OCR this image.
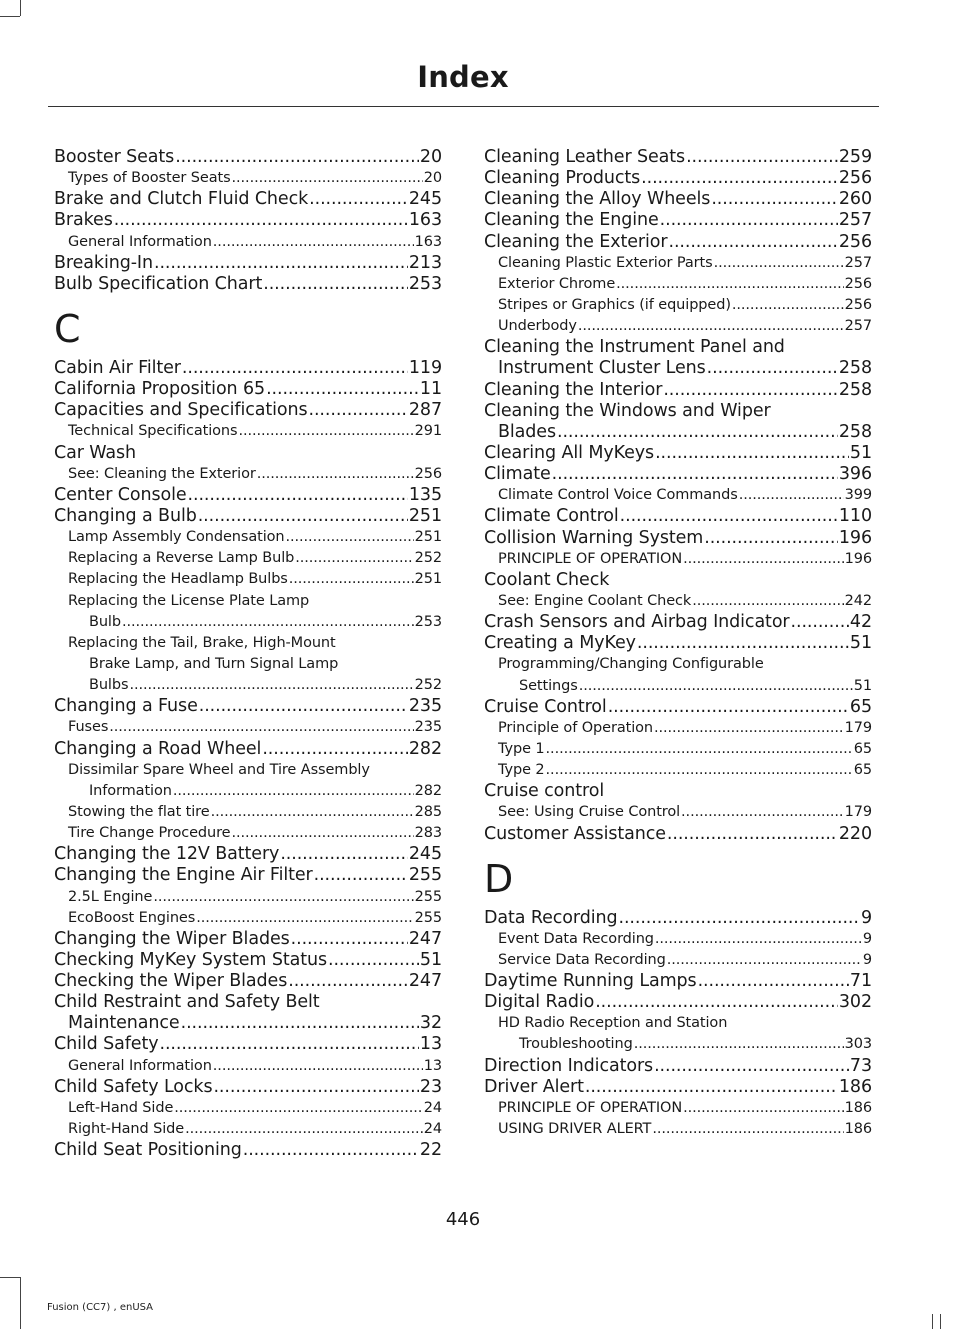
Index
Booster Seats .....	20
Types of Booster Seats .....	20
Brake and Clutch Fluid Check .....	245
Brakes .....	163
General Information .....	163
Breaking-In .....	213
Bulb Specification Chart .....	253
C
Cabin Air Filter .....	119
California Proposition 65 .....	11
Capacities and Specifications .....	287
Technical Specifications .....	291
Car Wash
See: Cleaning the Exterior .....	256
Center Console .....	135
Changing a Bulb .....	251
Lamp Assembly Condensation .....	251
Replacing a Reverse Lamp Bulb .....	252
Replacing the Headlamp Bulbs .....	251
Replacing the License Plate Lamp
Bulb .....	253
Replacing the Tail, Brake, High-Mount
Brake Lamp, and Turn Signal Lamp
Bulbs .....	252
Changing a Fuse .....	235
Fuses .....	235
Changing a Road Wheel .....	282
Dissimilar Spare Wheel and Tire Assembly
Information .....	282
Stowing the flat tire .....	285
Tire Change Procedure .....	283
Changing the 12V Battery .....	245
Changing the Engine Air Filter .....	255
2.5L Engine .....	255
EcoBoost Engines .....	255
Changing the Wiper Blades .....	247
Checking MyKey System Status .....	51
Checking the Wiper Blades .....	247
Child Restraint and Safety Belt
Maintenance .....	32
Child Safety .....	13
General Information .....	13
Child Safety Locks .....	23
Left-Hand Side .....	24
Right-Hand Side .....	24
Child Seat Positioning .....	22
Cleaning Leather Seats .....	259
Cleaning Products .....	256
Cleaning the Alloy Wheels .....	260
Cleaning the Engine .....	257
Cleaning the Exterior .....	256
Cleaning Plastic Exterior Parts .....	257
Exterior Chrome .....	256
Stripes or Graphics (if equipped) .....	256
Underbody .....	257
Cleaning the Instrument Panel and
Instrument Cluster Lens .....	258
Cleaning the Interior .....	258
Cleaning the Windows and Wiper
Blades .....	258
Clearing All MyKeys .....	51
Climate .....	396
Climate Control Voice Commands .....	399
Climate Control .....	110
Collision Warning System .....	196
PRINCIPLE OF OPERATION .....	196
Coolant Check
See: Engine Coolant Check .....	242
Crash Sensors and Airbag Indicator .....	42
Creating a MyKey .....	51
Programming/Changing Configurable
Settings .....	51
Cruise Control .....	65
Principle of Operation .....	179
Type 1 .....	65
Type 2 .....	65
Cruise control
See: Using Cruise Control .....	179
Customer Assistance .....	220
D
Data Recording .....	9
Event Data Recording .....	9
Service Data Recording .....	9
Daytime Running Lamps .....	71
Digital Radio .....	302
HD Radio Reception and Station
Troubleshooting .....	303
Direction Indicators .....	73
Driver Alert .....	186
PRINCIPLE OF OPERATION .....	186
USING DRIVER ALERT .....	186
446
Fusion (CC7) , enUSA
